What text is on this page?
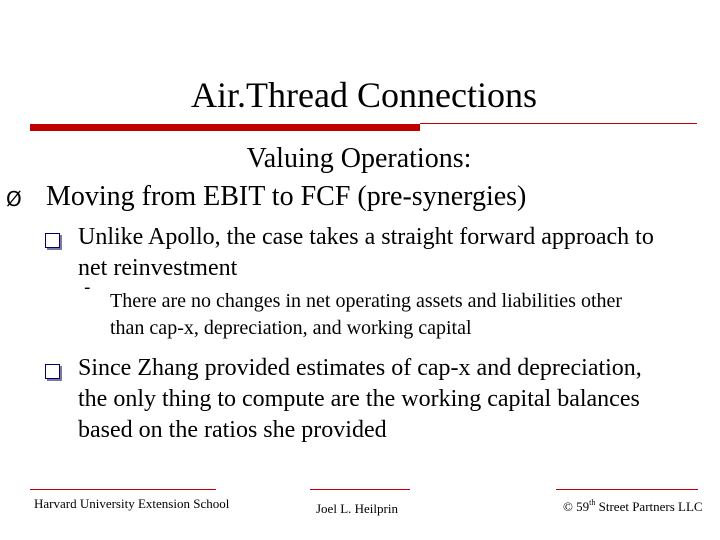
Air.Thread Connections
Valuing Operations:
Ø Moving from EBIT to FCF (pre-synergies)
Unlike Apollo, the case takes a straight forward approach to
net reinvestment
-
There are no changes in net operating assets and liabilities other
than cap-x, depreciation, and working capital
Since Zhang provided estimates of cap-x and depreciation,
the only thing to compute are the working capital balances
based on the ratios she provided
Harvard University Extension School	Joel L. Heilprin	© 59th Street Partners LLC
